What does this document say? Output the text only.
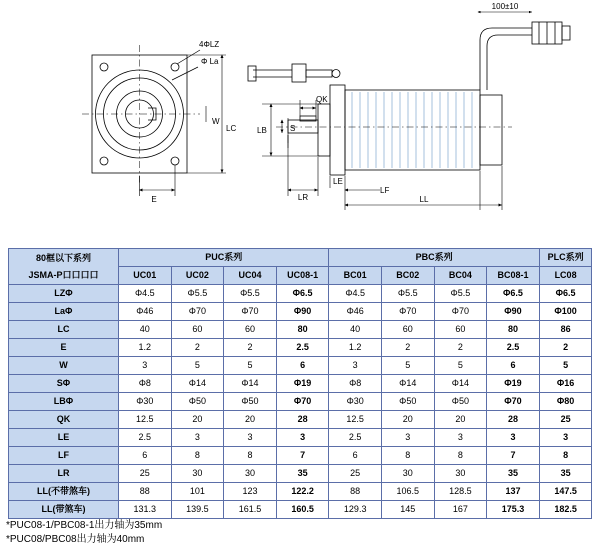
4ΦLZ
Φ La
E
W
LC
100±10
S
LB
QK
LR
LE
LF
LL
80框以下系列
JSMA-P口口口口	PUC系列				PBC系列				PLC系列
	UC01	UC02	UC04	UC08-1	BC01	BC02	BC04	BC08-1	LC08
LZΦ	Φ4.5	Φ5.5	Φ5.5	Φ6.5	Φ4.5	Φ5.5	Φ5.5	Φ6.5	Φ6.5
LaΦ	Φ46	Φ70	Φ70	Φ90	Φ46	Φ70	Φ70	Φ90	Φ100
LC	40	60	60	80	40	60	60	80	86
E	1.2	2	2	2.5	1.2	2	2	2.5	2
W	3	5	5	6	3	5	5	6	5
SΦ	Φ8	Φ14	Φ14	Φ19	Φ8	Φ14	Φ14	Φ19	Φ16
LBΦ	Φ30	Φ50	Φ50	Φ70	Φ30	Φ50	Φ50	Φ70	Φ80
QK	12.5	20	20	28	12.5	20	20	28	25
LE	2.5	3	3	3	2.5	3	3	3	3
LF	6	8	8	7	6	8	8	7	8
LR	25	30	30	35	25	30	30	35	35
LL(不带煞车)	88	101	123	122.2	88	106.5	128.5	137	147.5
LL(带煞车)	131.3	139.5	161.5	160.5	129.3	145	167	175.3	182.5
*PUC08-1/PBC08-1出力轴为35mm
*PUC08/PBC08出力轴为40mm
